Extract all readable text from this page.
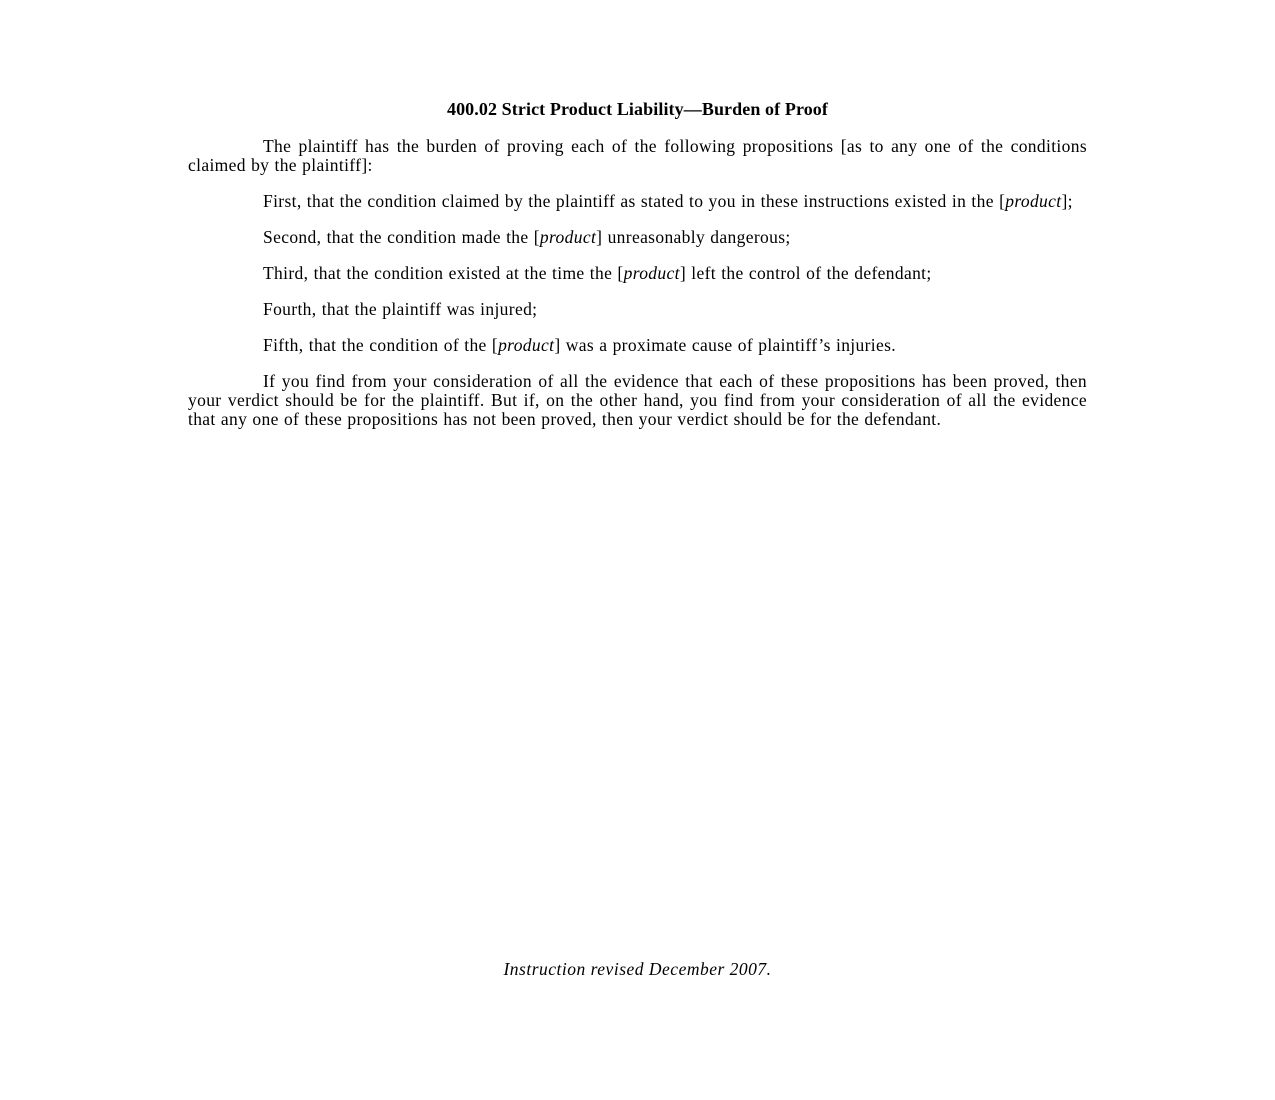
400.02 Strict Product Liability—Burden of Proof

The plaintiff has the burden of proving each of the following propositions [as to any one of the conditions claimed by the plaintiff]:

First, that the condition claimed by the plaintiff as stated to you in these instructions existed in the [product];

Second, that the condition made the [product] unreasonably dangerous;

Third, that the condition existed at the time the [product] left the control of the defendant;

Fourth, that the plaintiff was injured;

Fifth, that the condition of the [product] was a proximate cause of plaintiff’s injuries.

If you find from your consideration of all the evidence that each of these propositions has been proved, then your verdict should be for the plaintiff. But if, on the other hand, you find from your consideration of all the evidence that any one of these propositions has not been proved, then your verdict should be for the defendant.

Instruction revised December 2007.
